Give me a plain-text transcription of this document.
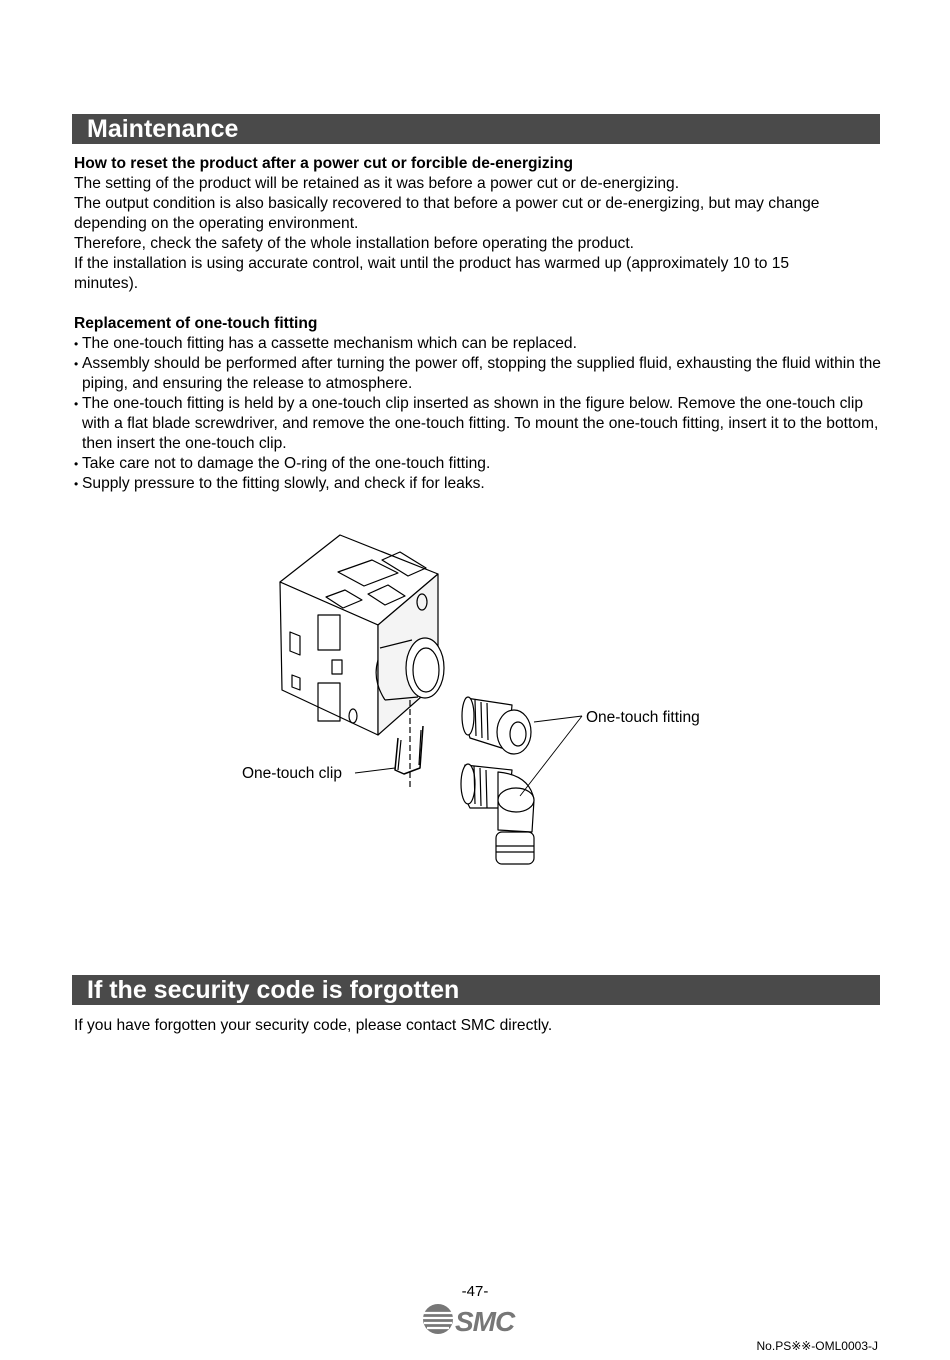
Maintenance

How to reset the product after a power cut or forcible de-energizing

The setting of the product will be retained as it was before a power cut or de-energizing.

The output condition is also basically recovered to that before a power cut or de-energizing, but may change

depending on the operating environment.

Therefore, check the safety of the whole installation before operating the product.

If the installation is using accurate control, wait until the product has warmed up (approximately 10 to 15

minutes).

Replacement of one-touch fitting

• The one-touch fitting has a cassette mechanism which can be replaced.

• Assembly should be performed after turning the power off, stopping the supplied fluid, exhausting the fluid within the piping, and ensuring the release to atmosphere.

• The one-touch fitting is held by a one-touch clip inserted as shown in the figure below. Remove the one-touch clip with a flat blade screwdriver, and remove the one-touch fitting. To mount the one-touch fitting, insert it to the bottom, then insert the one-touch clip.

• Take care not to damage the O-ring of the one-touch fitting.

• Supply pressure to the fitting slowly, and check if for leaks.

One-touch fitting
One-touch clip
If the security code is forgotten
If you have forgotten your security code, please contact SMC directly.
-47-
SMC
No.PS※※-OML0003-J
